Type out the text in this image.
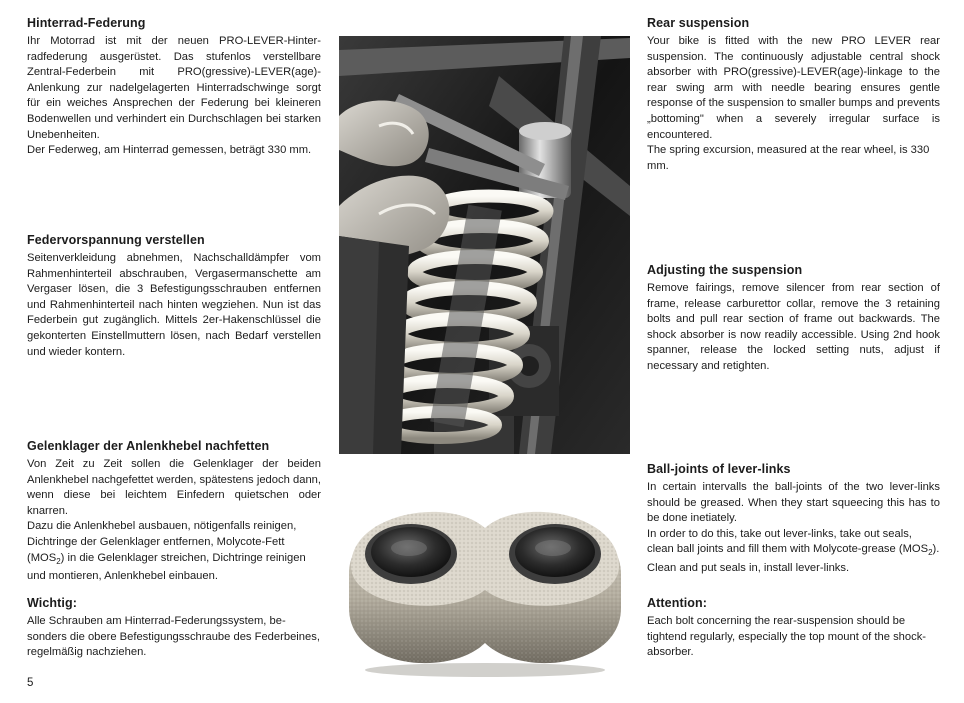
Hinterrad-Federung

Ihr Motorrad ist mit der neuen PRO-LEVER-Hinterradfederung ausgerüstet. Das stufenlos verstellbare Zentral-Federbein mit PRO(gressive)-LEVER(age)-Anlenkung zur nadelgelagerten Hinterradschwinge sorgt für ein weiches Ansprechen der Federung bei kleineren Bodenwellen und verhindert ein Durchschlagen bei starken Unebenheiten.

Der Federweg, am Hinterrad gemessen, beträgt 330 mm.

Federvorspannung verstellen

Seitenverkleidung abnehmen, Nachschalldämpfer vom Rahmenhinterteil abschrauben, Vergasermanschette am Vergaser lösen, die 3 Befestigungsschrauben entfernen und Rahmenhinterteil nach hinten wegziehen. Nun ist das Federbein gut zugänglich. Mittels 2er-Hakenschlüssel die gekonterten Einstellmuttern lösen, nach Bedarf verstellen und wieder kontern.

Gelenklager der Anlenkhebel nachfetten

Von Zeit zu Zeit sollen die Gelenklager der beiden Anlenkhebel nachgefettet werden, spätestens jedoch dann, wenn diese bei leichtem Einfedern quietschen oder knarren.

Dazu die Anlenkhebel ausbauen, nötigenfalls reinigen, Dichtringe der Gelenklager entfernen, Molycote-Fett $(MOS_2)$ in die Gelenklager streichen, Dichtringe reinigen und montieren, Anlenkhebel einbauen.

Wichtig:

Alle Schrauben am Hinterrad-Federungssystem, besonders die obere Befestigungsschraube des Federbeines, regelmäßig nachziehen.

Rear suspension

Your bike is fitted with the new PRO LEVER rear suspension. The continuously adjustable central shock absorber with PRO(gressive)-LEVER(age)-linkage to the rear swing arm with needle bearing ensures gentle response of the suspension to smaller bumps and prevents „bottoming" when a severely irregular surface is encountered.

The spring excursion, measured at the rear wheel, is 330 mm.

Adjusting the suspension

Remove fairings, remove silencer from rear section of frame, release carburettor collar, remove the 3 retaining bolts and pull rear section of frame out backwards. The shock absorber is now readily accessible. Using 2nd hook spanner, release the locked setting nuts, adjust if necessary and retighten.

Ball-joints of lever-links

In certain intervalls the ball-joints of the two lever-links should be greased. When they start squeecing this has to be done inetiately.

In order to do this, take out lever-links, take out seals, clean ball joints and fill them with Molycote-grease $(MOS_2)$. Clean and put seals in, install lever-links.

Attention:

Each bolt concerning the rear-suspension should be tightend regularly, especially the top mount of the shock-absorber.

5
